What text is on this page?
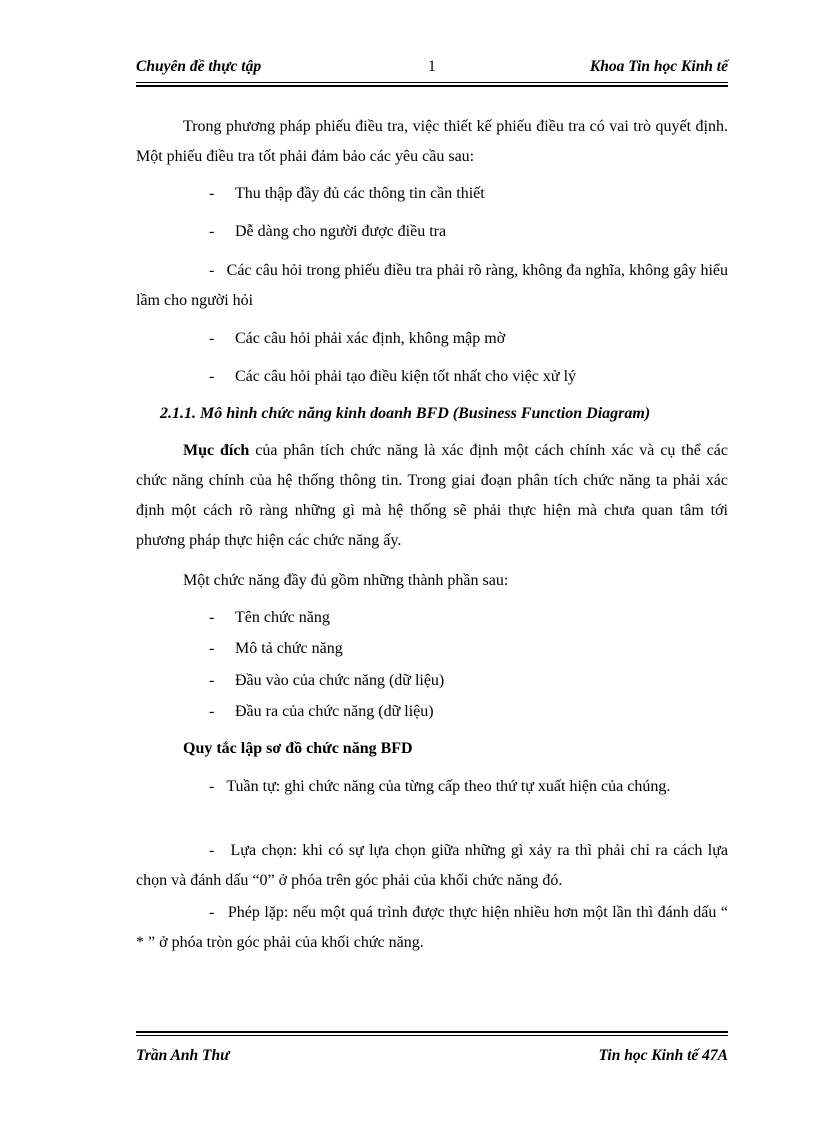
Chuyên đề thực tập	1	Khoa Tin học Kinh tế
Trong phương pháp phiếu điều tra, việc thiết kế phiếu điều tra có vai trò quyết định. Một phiếu điều tra tốt phải đảm bảo các yêu cầu sau:
- Thu thập đầy đủ các thông tin cần thiết
- Dễ dàng cho người được điều tra
-   Các câu hỏi trong phiếu điều tra phải rõ ràng, không đa nghĩa, không gây hiểu lầm cho người hỏi
- Các câu hỏi phải xác định, không mập mờ
- Các câu hỏi phải tạo điều kiện tốt nhất cho việc xử lý
2.1.1. Mô hình chức năng kinh doanh BFD (Business Function Diagram)
Mục đích của phân tích chức năng là xác định một cách chính xác và cụ thể các chức năng chính của hệ thống thông tin. Trong giai đoạn phân tích chức năng ta phải xác định một cách rõ ràng những gì mà hệ thống sẽ phải thực hiện mà chưa quan tâm tới phương pháp thực hiện các chức năng ấy.
Một chức năng đầy đủ gồm những thành phần sau:
- Tên chức năng
- Mô tả chức năng
- Đầu vào của chức năng (dữ liệu)
- Đầu ra của chức năng (dữ liệu)
Quy tắc lập sơ đồ chức năng BFD
-   Tuần tự: ghi chức năng của từng cấp theo thứ tự xuất hiện của chúng.
-   Lựa chọn: khi có sự lựa chọn giữa những gì xảy ra thì phải chỉ ra cách lựa chọn và đánh dấu “0” ở phóa trên góc phải của khối chức năng đó.
-   Phép lặp: nếu một quá trình được thực hiện nhiều hơn một lần thì đánh dấu “ * ” ở phóa tròn góc phải của khối chức năng.
Trần Anh Thư	Tin học Kinh tế 47A
